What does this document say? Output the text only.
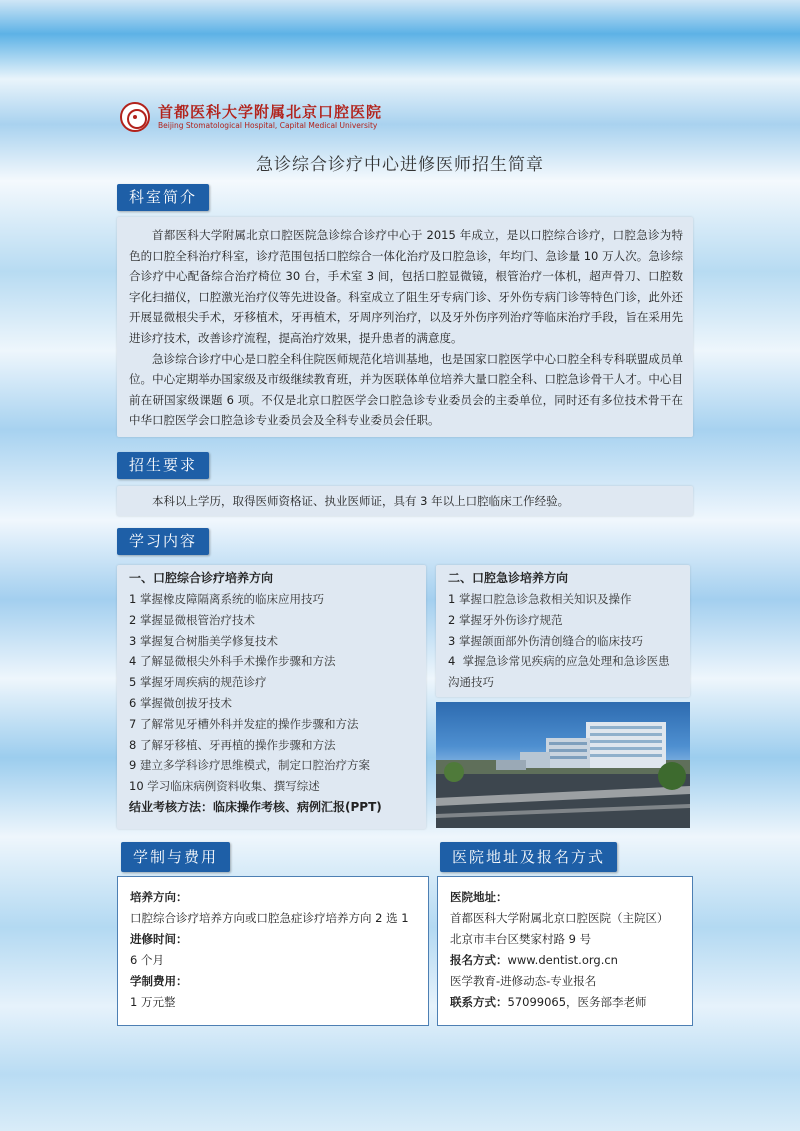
首都医科大学附属北京口腔医院
Beijing Stomatological Hospital, Capital Medical University
急诊综合诊疗中心进修医师招生简章
科室简介

首都医科大学附属北京口腔医院急诊综合诊疗中心于 2015 年成立，是以口腔综合诊疗，口腔急诊为特色的口腔全科治疗科室，诊疗范围包括口腔综合一体化治疗及口腔急诊，年均门、急诊量 10 万人次。急诊综合诊疗中心配备综合治疗椅位 30 台，手术室 3 间，包括口腔显微镜，根管治疗一体机，超声骨刀、口腔数字化扫描仪，口腔激光治疗仪等先进设备。科室成立了阻生牙专病门诊、牙外伤专病门诊等特色门诊，此外还开展显微根尖手术，牙移植术，牙再植术，牙周序列治疗，以及牙外伤序列治疗等临床治疗手段，旨在采用先进诊疗技术，改善诊疗流程，提高治疗效果，提升患者的满意度。

急诊综合诊疗中心是口腔全科住院医师规范化培训基地，也是国家口腔医学中心口腔全科专科联盟成员单位。中心定期举办国家级及市级继续教育班，并为医联体单位培养大量口腔全科、口腔急诊骨干人才。中心目前在研国家级课题 6 项。不仅是北京口腔医学会口腔急诊专业委员会的主委单位，同时还有多位技术骨干在中华口腔医学会口腔急诊专业委员会及全科专业委员会任职。

招生要求

本科以上学历，取得医师资格证、执业医师证，具有 3 年以上口腔临床工作经验。

学习内容
一、口腔综合诊疗培养方向
1 掌握橡皮障隔离系统的临床应用技巧
2 掌握显微根管治疗技术
3 掌握复合树脂美学修复技术
4 了解显微根尖外科手术操作步骤和方法
5 掌握牙周疾病的规范诊疗
6 掌握微创拔牙技术
7 了解常见牙槽外科并发症的操作步骤和方法
8 了解牙移植、牙再植的操作步骤和方法
9 建立多学科诊疗思维模式，制定口腔治疗方案
10 学习临床病例资料收集、撰写综述
结业考核方法：临床操作考核、病例汇报(PPT)
二、口腔急诊培养方向
1 掌握口腔急诊急救相关知识及操作
2 掌握牙外伤诊疗规范
3 掌握颌面部外伤清创缝合的临床技巧
4  掌握急诊常见疾病的应急处理和急诊医患
沟通技巧
学制与费用
培养方向：
口腔综合诊疗培养方向或口腔急症诊疗培养方向 2 选 1
进修时间：
6 个月
学制费用：
1 万元整
医院地址及报名方式
医院地址：
首都医科大学附属北京口腔医院（主院区）
北京市丰台区樊家村路 9 号
报名方式：www.dentist.org.cn
医学教育-进修动态-专业报名
联系方式：57099065，医务部李老师
